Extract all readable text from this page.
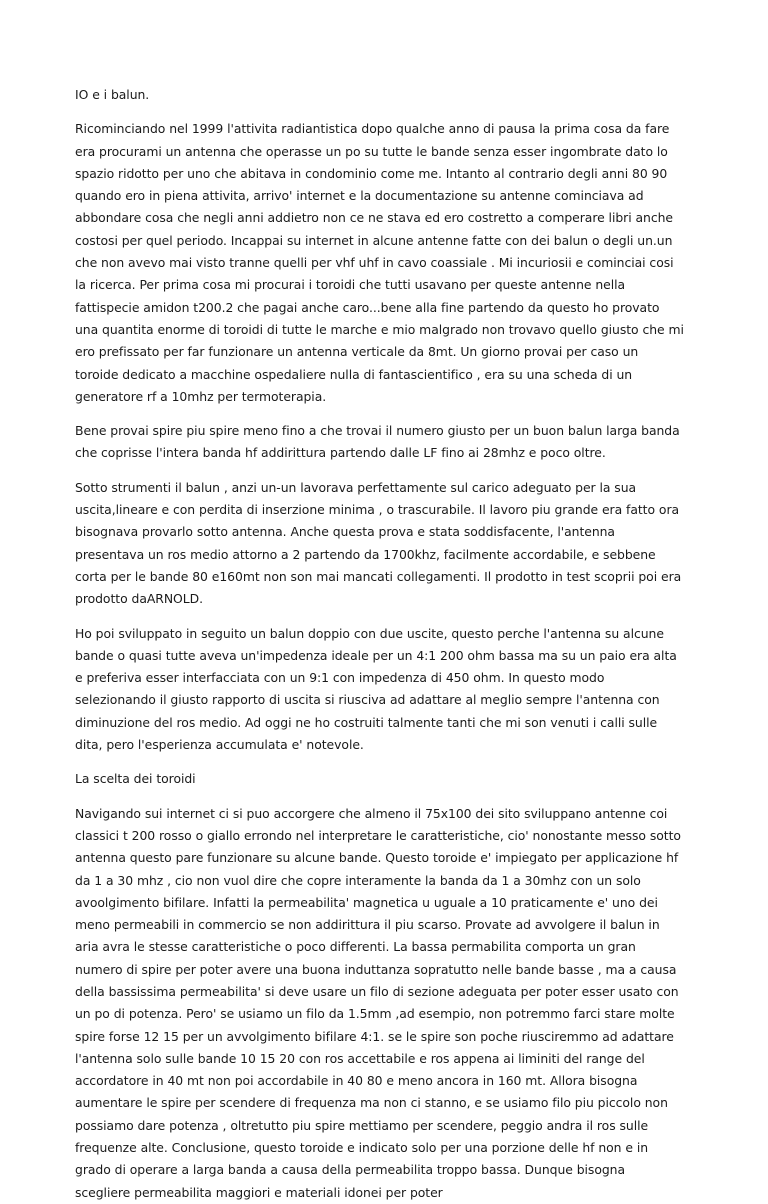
IO e i balun.

Ricominciando nel 1999 l'attivita radiantistica dopo qualche anno di pausa la prima cosa da fare era procurami un antenna che operasse un po su tutte le bande senza esser ingombrate dato lo spazio ridotto per uno che abitava in condominio come me. Intanto al contrario degli anni 80 90 quando ero in piena attivita, arrivo' internet e la documentazione su antenne cominciava ad abbondare cosa che negli anni addietro non ce ne stava ed ero costretto a comperare libri anche costosi per quel periodo. Incappai su internet in alcune antenne fatte con dei balun o degli un.un che non avevo mai visto tranne quelli per vhf uhf in cavo coassiale . Mi incuriosii e cominciai cosi la ricerca. Per prima cosa mi procurai i toroidi che tutti usavano per queste antenne nella fattispecie amidon t200.2 che pagai anche caro...bene alla fine partendo da questo ho provato una quantita enorme di toroidi di tutte le marche e mio malgrado non trovavo quello giusto che mi ero prefissato per far funzionare un antenna verticale da 8mt. Un giorno provai per caso un toroide dedicato a macchine ospedaliere nulla di fantascientifico , era su una scheda di un generatore rf a 10mhz per termoterapia.

Bene provai spire piu spire meno fino a che trovai il numero giusto per un buon balun larga banda che coprisse l'intera banda hf addirittura partendo dalle LF fino ai 28mhz e poco oltre.

Sotto strumenti il balun , anzi un-un lavorava perfettamente sul carico adeguato per la sua uscita,lineare e con perdita di inserzione minima , o trascurabile. Il lavoro piu grande era fatto ora bisognava provarlo sotto antenna. Anche questa prova e stata soddisfacente, l'antenna presentava un ros medio attorno a 2 partendo da 1700khz, facilmente accordabile, e sebbene corta per le bande 80 e160mt non son mai mancati collegamenti. Il prodotto in test scoprii poi era prodotto daARNOLD.

Ho poi sviluppato in seguito un balun doppio con due uscite, questo perche l'antenna su alcune bande o quasi tutte aveva un'impedenza ideale per un 4:1 200 ohm bassa ma su un paio era alta e preferiva esser interfacciata con un 9:1 con impedenza di 450 ohm. In questo modo selezionando il giusto rapporto di uscita si riusciva ad adattare al meglio sempre l'antenna con diminuzione del ros medio. Ad oggi ne ho costruiti talmente tanti che mi son venuti i calli sulle dita, pero l'esperienza accumulata e' notevole.

La scelta dei toroidi

Navigando sui internet ci si puo accorgere che almeno il 75x100 dei sito sviluppano antenne coi classici t 200 rosso o giallo errondo nel interpretare le caratteristiche, cio' nonostante messo sotto antenna questo pare funzionare su alcune bande. Questo toroide e' impiegato per applicazione hf da 1 a 30 mhz , cio non vuol dire che copre interamente la banda da 1 a 30mhz con un solo avoolgimento bifilare. Infatti la permeabilita' magnetica u uguale a 10 praticamente e' uno dei meno permeabili in commercio se non addirittura il piu scarso. Provate ad avvolgere il balun in aria avra le stesse caratteristiche o poco differenti. La bassa permabilita comporta un gran numero di spire per poter avere una buona induttanza sopratutto nelle bande basse , ma a causa della bassissima permeabilita' si deve usare un filo di sezione adeguata per poter esser usato con un po di potenza. Pero' se usiamo un filo da 1.5mm ,ad esempio, non potremmo farci stare molte spire forse 12 15 per un avvolgimento bifilare 4:1. se le spire son poche riusciremmo ad adattare l'antenna solo sulle bande 10 15 20 con ros accettabile e ros appena ai liminiti del range del accordatore in 40 mt non poi accordabile in 40 80 e meno ancora in 160 mt. Allora bisogna aumentare le spire per scendere di frequenza ma non ci stanno, e se usiamo filo piu piccolo non possiamo dare potenza , oltretutto piu spire mettiamo per scendere, peggio andra il ros sulle frequenze alte. Conclusione, questo toroide e indicato solo per una porzione delle hf non e in grado di operare a larga banda a causa della permeabilita troppo bassa. Dunque bisogna scegliere permeabilita maggiori e materiali idonei per poter
